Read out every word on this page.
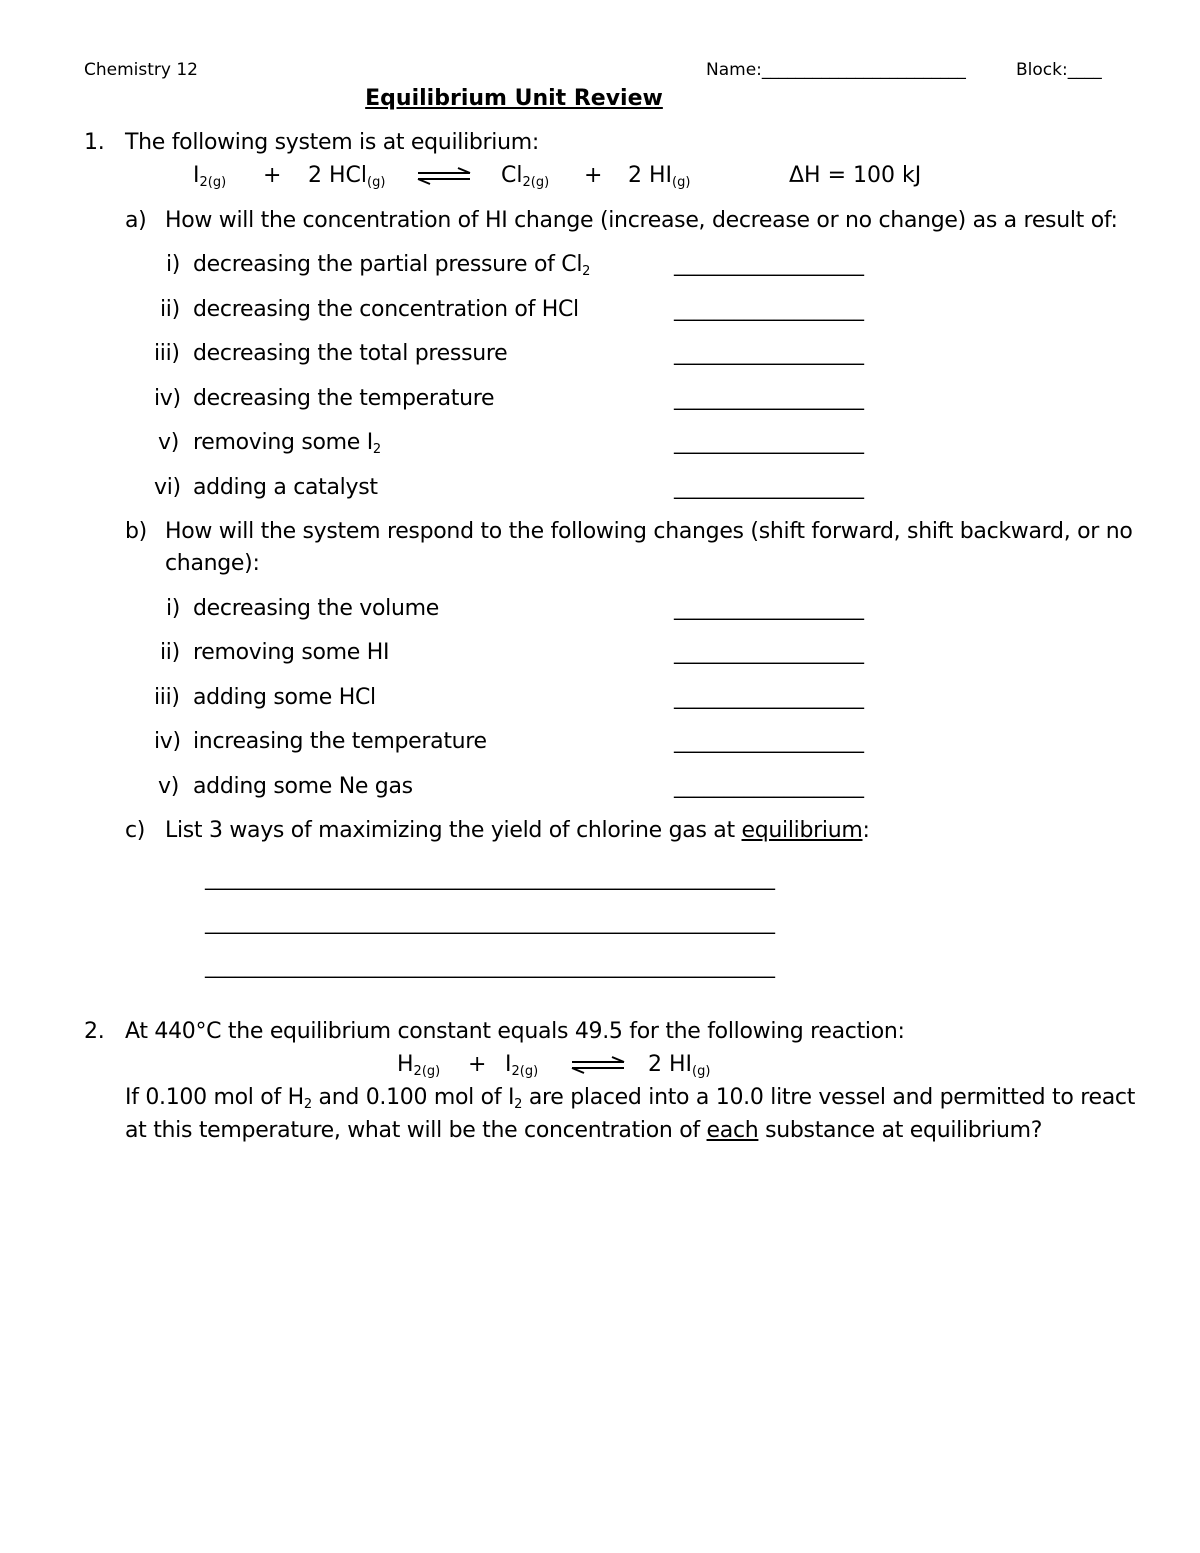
Chemistry 12	Name:________________________	Block:____
Equilibrium Unit Review
1. The following system is at equilibrium:
$I_{2(g)} + 2$ HCl$_{(g)}$	$Cl_{2(g)} + 2$ $HI_{(g)}$	ΔH = 100 kJ
a) How will the concentration of HI change (increase, decrease or no change) as a result of:
i) decreasing the partial pressure of $Cl_2$	___________________
ii) decreasing the concentration of HCl	___________________
iii) decreasing the total pressure	___________________
iv) decreasing the temperature	___________________
v) removing some $I_2$	___________________
vi) adding a catalyst	___________________
b) How will the system respond to the following changes (shift forward, shift backward, or no
change):
i) decreasing the volume	___________________
ii) removing some HI	___________________
iii) adding some HCl	___________________
iv) increasing the temperature	___________________
v) adding some Ne gas	___________________
c) List 3 ways of maximizing the yield of chlorine gas at equilibrium:
_________________________________________________________
_________________________________________________________
_________________________________________________________
2. At 440°C the equilibrium constant equals 49.5 for the following reaction:
$H_{2(g)} + I_{2(g)}$ ⇌ 2 $HI_{(g)}$
If 0.100 mol of $H_2$ and 0.100 mol of $I_2$ are placed into a 10.0 litre vessel and permitted to react
at this temperature, what will be the concentration of each substance at equilibrium?
